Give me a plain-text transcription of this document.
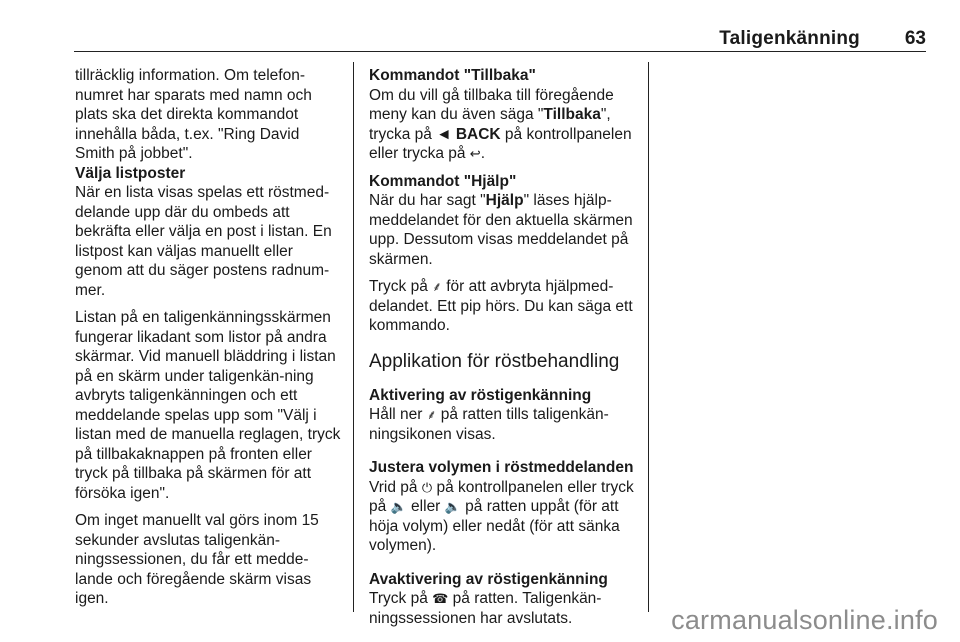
Taligenkänning 63

tillräcklig information. Om telefon-numret har sparats med namn och plats ska det direkta kommandot innehålla båda, t.ex. "Ring David Smith på jobbet".

Välja listposter

När en lista visas spelas ett röstmed-delande upp där du ombeds att bekräfta eller välja en post i listan. En listpost kan väljas manuellt eller genom att du säger postens radnum-mer.

Listan på en taligenkänningsskärmen fungerar likadant som listor på andra skärmar. Vid manuell bläddring i listan på en skärm under taligenkän-ning avbryts taligenkänningen och ett meddelande spelas upp som "Välj i listan med de manuella reglagen, tryck på tillbakaknappen på fronten eller tryck på tillbaka på skärmen för att försöka igen".

Om inget manuellt val görs inom 15 sekunder avslutas taligenkän-ningssessionen, du får ett medde-lande och föregående skärm visas igen.

Kommandot "Tillbaka"

Om du vill gå tillbaka till föregående meny kan du även säga "Tillbaka", trycka på ◄ BACK på kontrollpanelen eller trycka på ↩.

Kommandot "Hjälp"

När du har sagt "Hjälp" läses hjälp-meddelandet för den aktuella skärmen upp. Dessutom visas meddelandet på skärmen.

Tryck på ⸙ för att avbryta hjälpmed-delandet. Ett pip hörs. Du kan säga ett kommando.

Applikation för röstbehandling

Aktivering av röstigenkänning

Håll ner ⸙ på ratten tills taligenkän-ningsikonen visas.

Justera volymen i röstmeddelanden

Vrid på ⏻ på kontrollpanelen eller tryck på 🔈 eller 🔈 på ratten uppåt (för att höja volym) eller nedåt (för att sänka volymen).

Avaktivering av röstigenkänning

Tryck på ☎ på ratten. Taligenkän-ningssessionen har avslutats.	carmanualsonline.info
